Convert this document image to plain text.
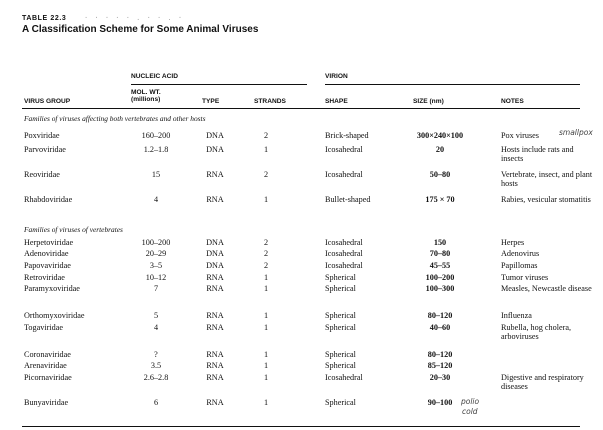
TABLE 22.3	· · · · · . · · . ·
A Classification Scheme for Some Animal Viruses
NUCLEIC ACID	VIRION
MOL. WT.
(millions)
VIRUS GROUP	TYPE	STRANDS	SHAPE	SIZE (nm)	NOTES
Families of viruses affecting both vertebrates and other hosts
Families of viruses of vertebrates
Poxviridae	160–200	DNA	2	Brick-shaped	300×240×100	Pox viruses
Parvoviridae	1.2–1.8	DNA	1	Icosahedral	20	Hosts include rats and insects
Reoviridae	15	RNA	2	Icosahedral	50–80	Vertebrate, insect, and plant hosts
Rhabdoviridae	4	RNA	1	Bullet-shaped	175 × 70	Rabies, vesicular stomatitis
Herpetoviridae	100–200	DNA	2	Icosahedral	150	Herpes
Adenoviridae	20–29	DNA	2	Icosahedral	70–80	Adenovirus
Papovaviridae	3–5	DNA	2	Icosahedral	45–55	Papillomas
Retroviridae	10–12	RNA	1	Spherical	100–200	Tumor viruses
Paramyxoviridae	7	RNA	1	Spherical	100–300	Measles, Newcastle disease
Orthomyxoviridae	5	RNA	1	Spherical	80–120	Influenza
Togaviridae	4	RNA	1	Spherical	40–60	Rubella, hog cholera, arboviruses
Coronaviridae	?	RNA	1	Spherical	80–120
Arenaviridae	3.5	RNA	1	Spherical	85–120
Picornaviridae	2.6–2.8	RNA	1	Icosahedral	20–30	Digestive and respiratory diseases
Bunyaviridae	6	RNA	1	Spherical	90–100
smallpox
polio
cold
